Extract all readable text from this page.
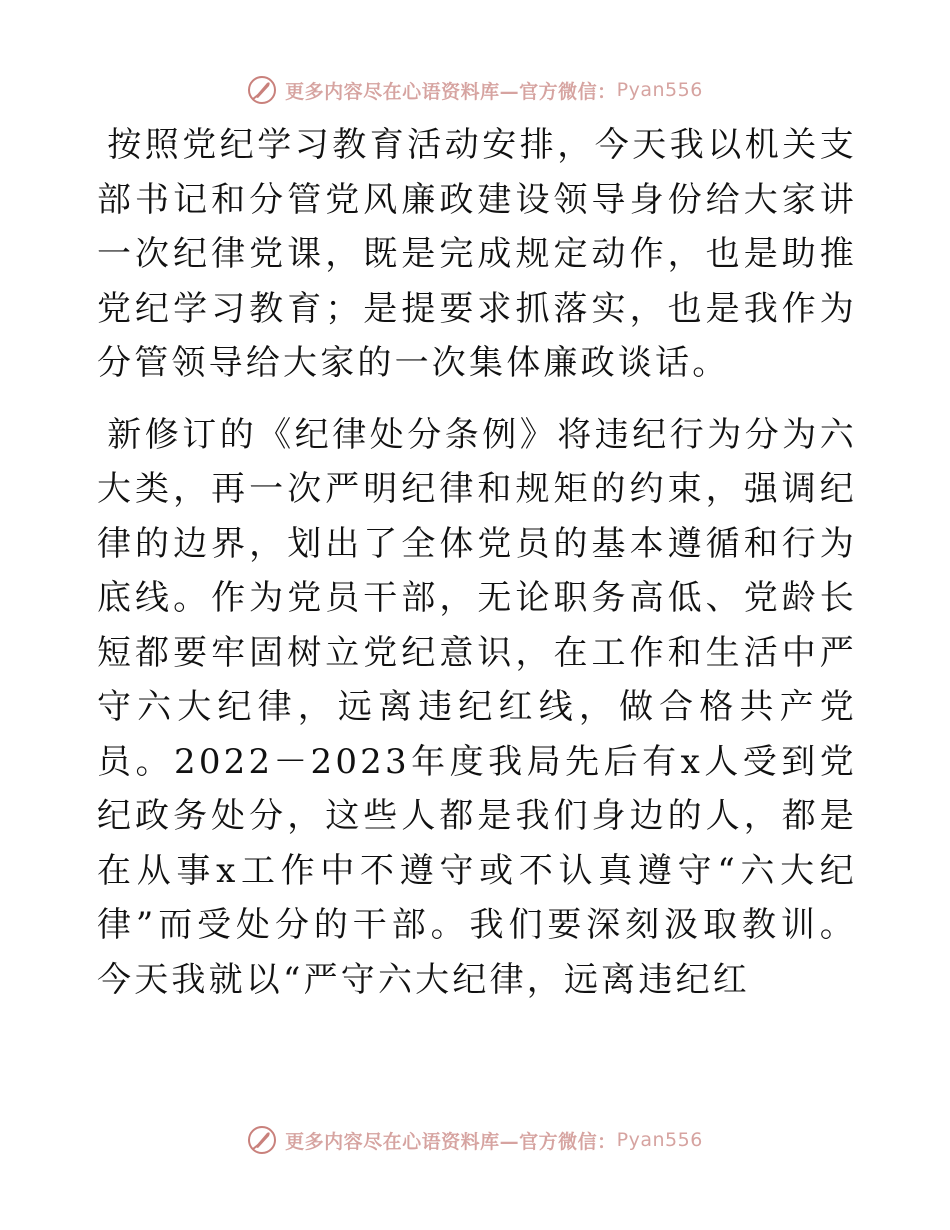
更多内容尽在心语资料库—官方微信： Pyan556

按照党纪学习教育活动安排，今天我以机关支部书记和分管党风廉政建设领导身份给大家讲一次纪律党课，既是完成规定动作，也是助推党纪学习教育；是提要求抓落实，也是我作为分管领导给大家的一次集体廉政谈话。

新修订的《纪律处分条例》将违纪行为分为六大类，再一次严明纪律和规矩的约束，强调纪律的边界，划出了全体党员的基本遵循和行为底线。作为党员干部，无论职务高低、党龄长短都要牢固树立党纪意识，在工作和生活中严守六大纪律，远离违纪红线，做合格共产党员。2022－2023年度我局先后有x人受到党纪政务处分，这些人都是我们身边的人，都是在从事x工作中不遵守或不认真遵守“六大纪律”而受处分的干部。我们要深刻汲取教训。今天我就以“严守六大纪律，远离违纪红

更多内容尽在心语资料库—官方微信： Pyan556
